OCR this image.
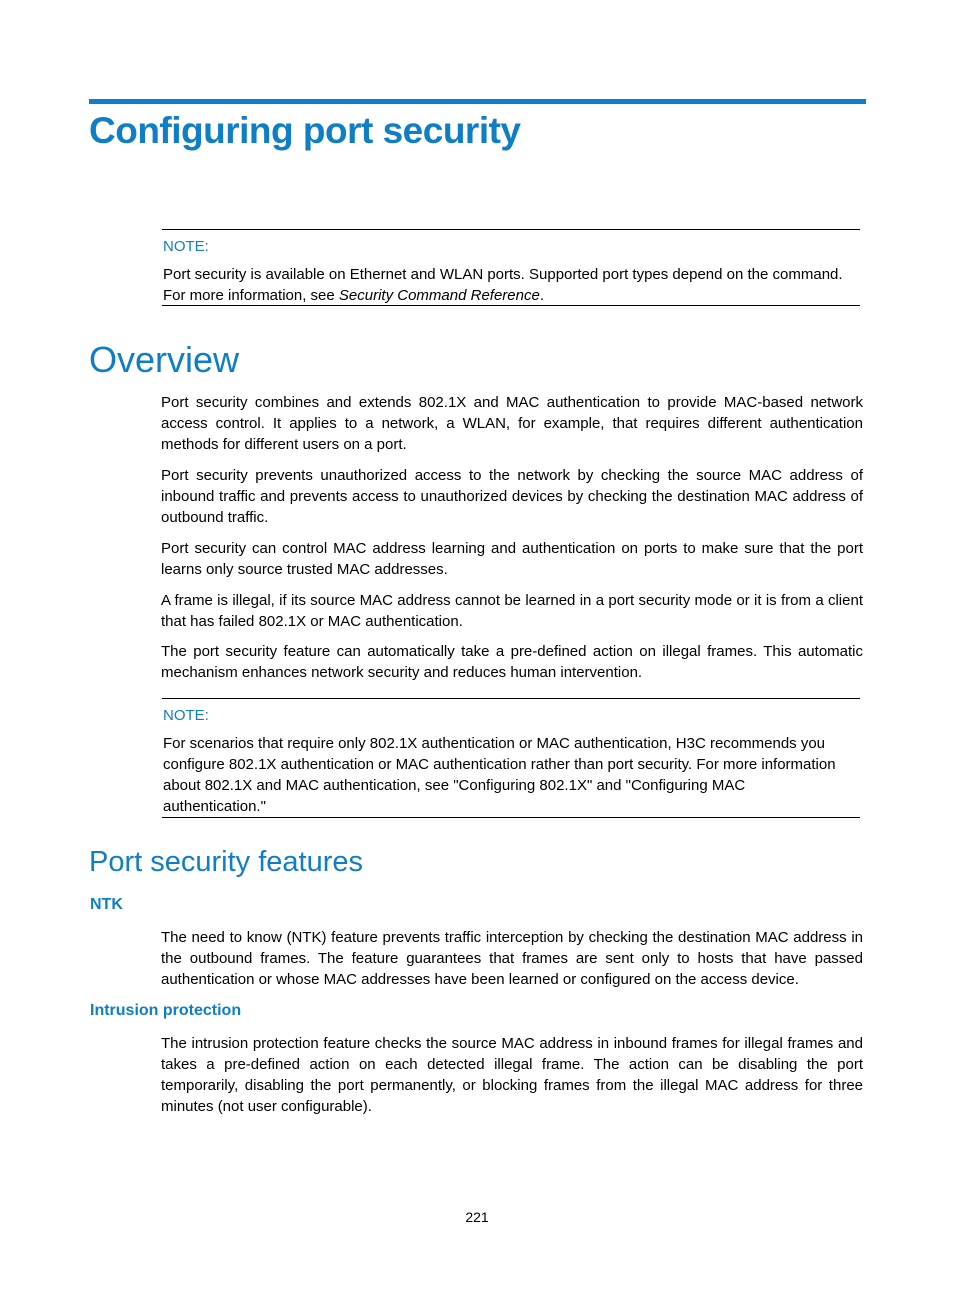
Configuring port security
NOTE:

Port security is available on Ethernet and WLAN ports. Supported port types depend on the command. For more information, see Security Command Reference.

Overview

Port security combines and extends 802.1X and MAC authentication to provide MAC-based network access control. It applies to a network, a WLAN, for example, that requires different authentication methods for different users on a port.

Port security prevents unauthorized access to the network by checking the source MAC address of inbound traffic and prevents access to unauthorized devices by checking the destination MAC address of outbound traffic.

Port security can control MAC address learning and authentication on ports to make sure that the port learns only source trusted MAC addresses.

A frame is illegal, if its source MAC address cannot be learned in a port security mode or it is from a client that has failed 802.1X or MAC authentication.

The port security feature can automatically take a pre-defined action on illegal frames. This automatic mechanism enhances network security and reduces human intervention.

NOTE:
For scenarios that require only 802.1X authentication or MAC authentication, H3C recommends you
configure 802.1X authentication or MAC authentication rather than port security. For more information
about 802.1X and MAC authentication, see "Configuring 802.1X" and "Configuring MAC
authentication."
Port security features
NTK

The need to know (NTK) feature prevents traffic interception by checking the destination MAC address in the outbound frames. The feature guarantees that frames are sent only to hosts that have passed authentication or whose MAC addresses have been learned or configured on the access device.

Intrusion protection

The intrusion protection feature checks the source MAC address in inbound frames for illegal frames and takes a pre-defined action on each detected illegal frame. The action can be disabling the port temporarily, disabling the port permanently, or blocking frames from the illegal MAC address for three minutes (not user configurable).

221
